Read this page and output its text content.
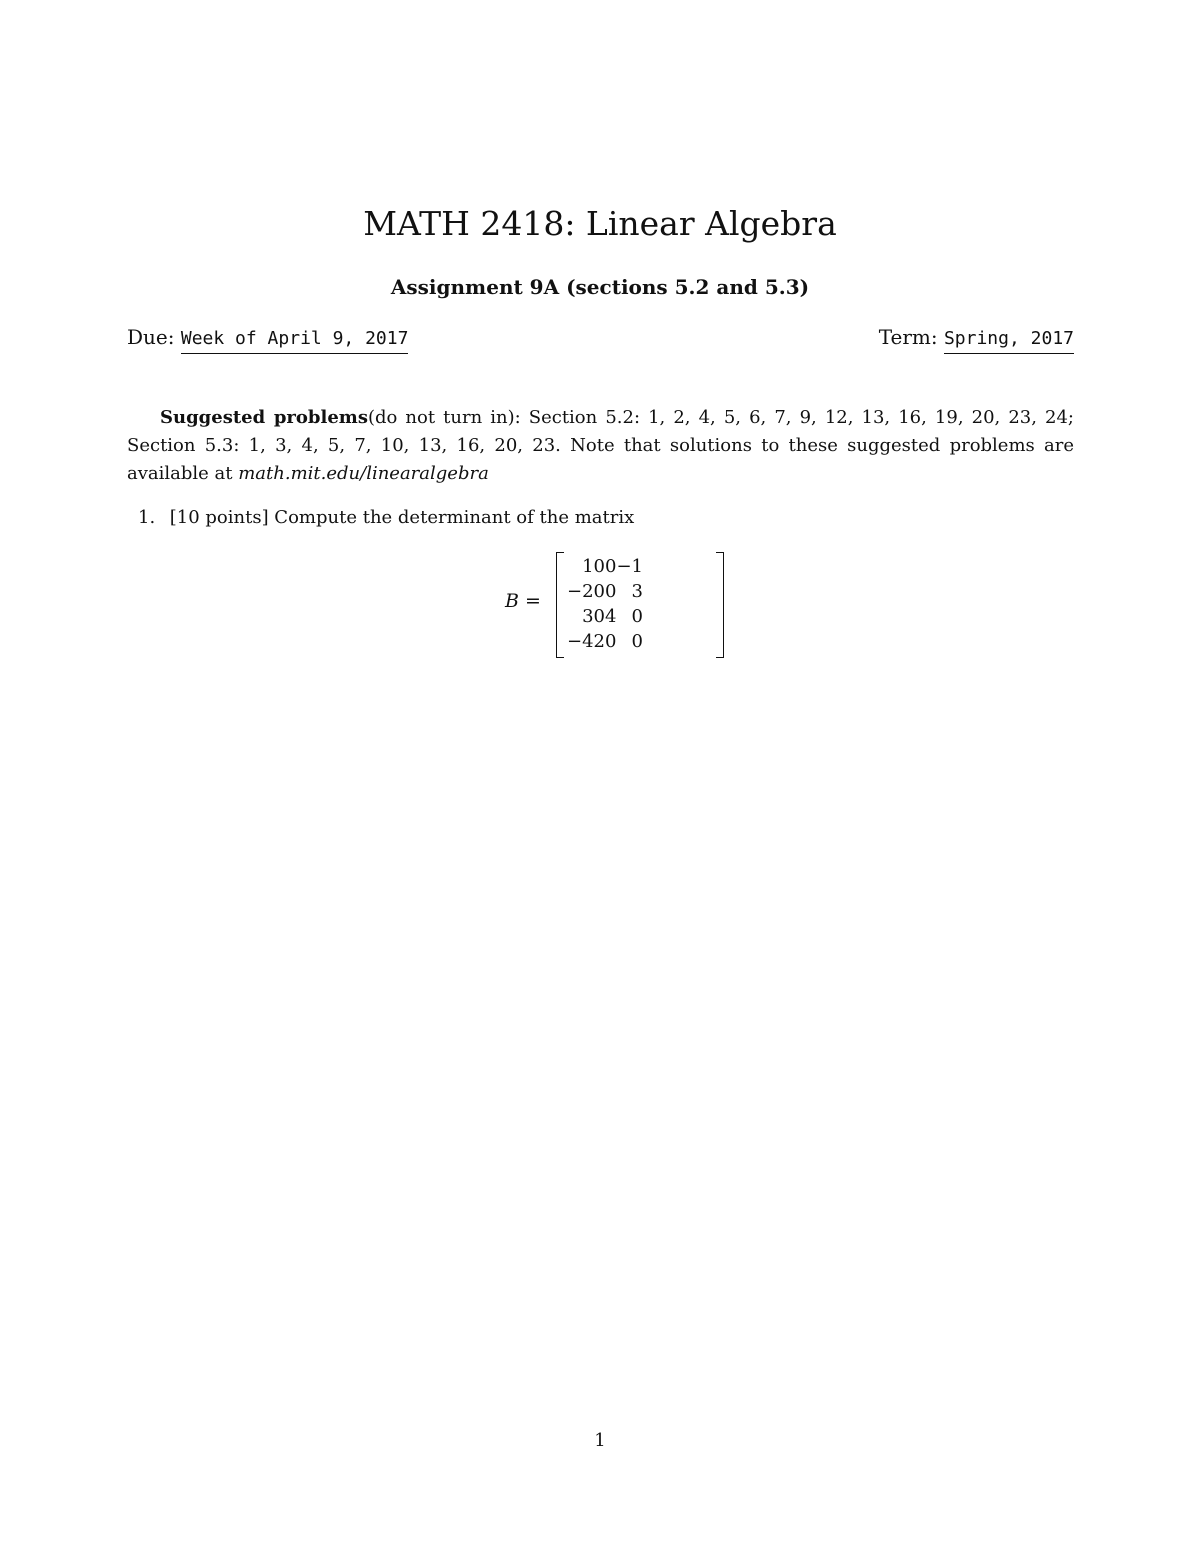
MATH 2418: Linear Algebra
Assignment 9A (sections 5.2 and 5.3)
Due: Week of April 9, 2017	Term: Spring, 2017
Suggested problems(do not turn in): Section 5.2: 1, 2, 4, 5, 6, 7, 9, 12, 13, 16, 19, 20, 23, 24; Section 5.3: 1, 3, 4, 5, 7, 10, 13, 16, 20, 23. Note that solutions to these suggested problems are available at math.mit.edu/linearalgebra
1. [10 points] Compute the determinant of the matrix
B =
1	0	0	−1
−2	0	0	3
3	0	4	0
−4	2	0	0
1
